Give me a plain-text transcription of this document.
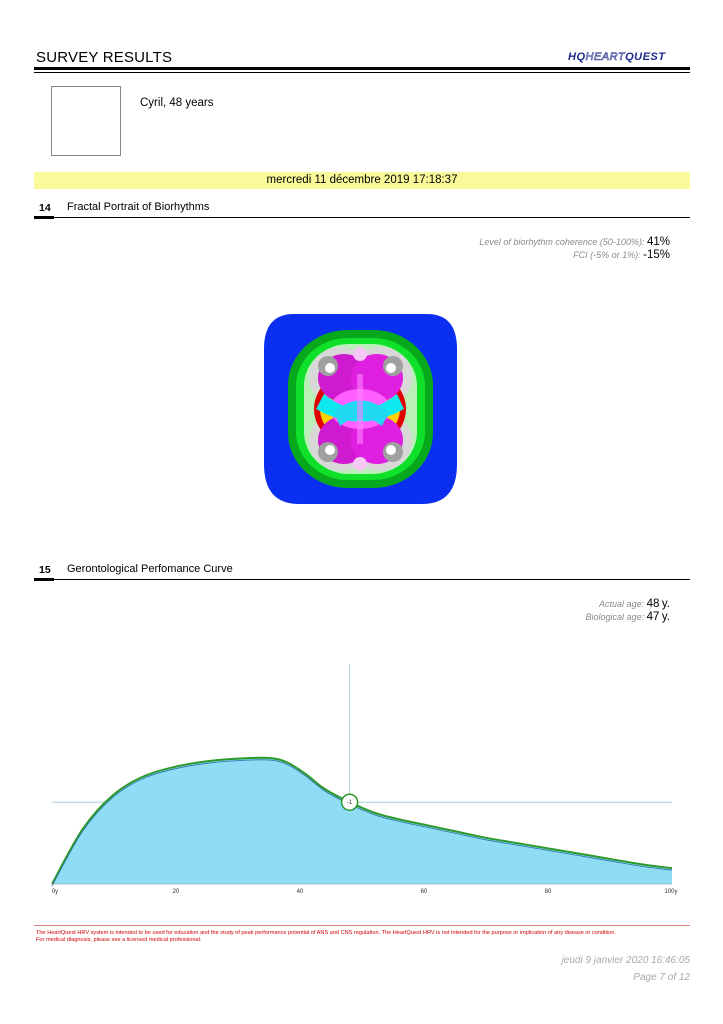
SURVEY RESULTS	HQHEARTQUEST
Cyril, 48 years
mercredi 11 décembre 2019 17:18:37
14 Fractal Portrait of Biorhythms
Level of biorhythm coherence (50-100%): 41%
FCI (-5% or 1%): -15%
15 Gerontological Perfomance Curve
Actual age: 48 y.
Biological age: 47 y.
0y	20	40	60	80	100y
-1
The HeartQuest HRV system is intended to be used for education and the study of peak performance potential of ANS and CNS regulation. The HeartQuest HRV is not intended for the purpose or implication of any disease or condition.
For medical diagnosis, please see a licensed medical professional.
jeudi 9 janvier 2020 16:46:05
Page 7 of 12
